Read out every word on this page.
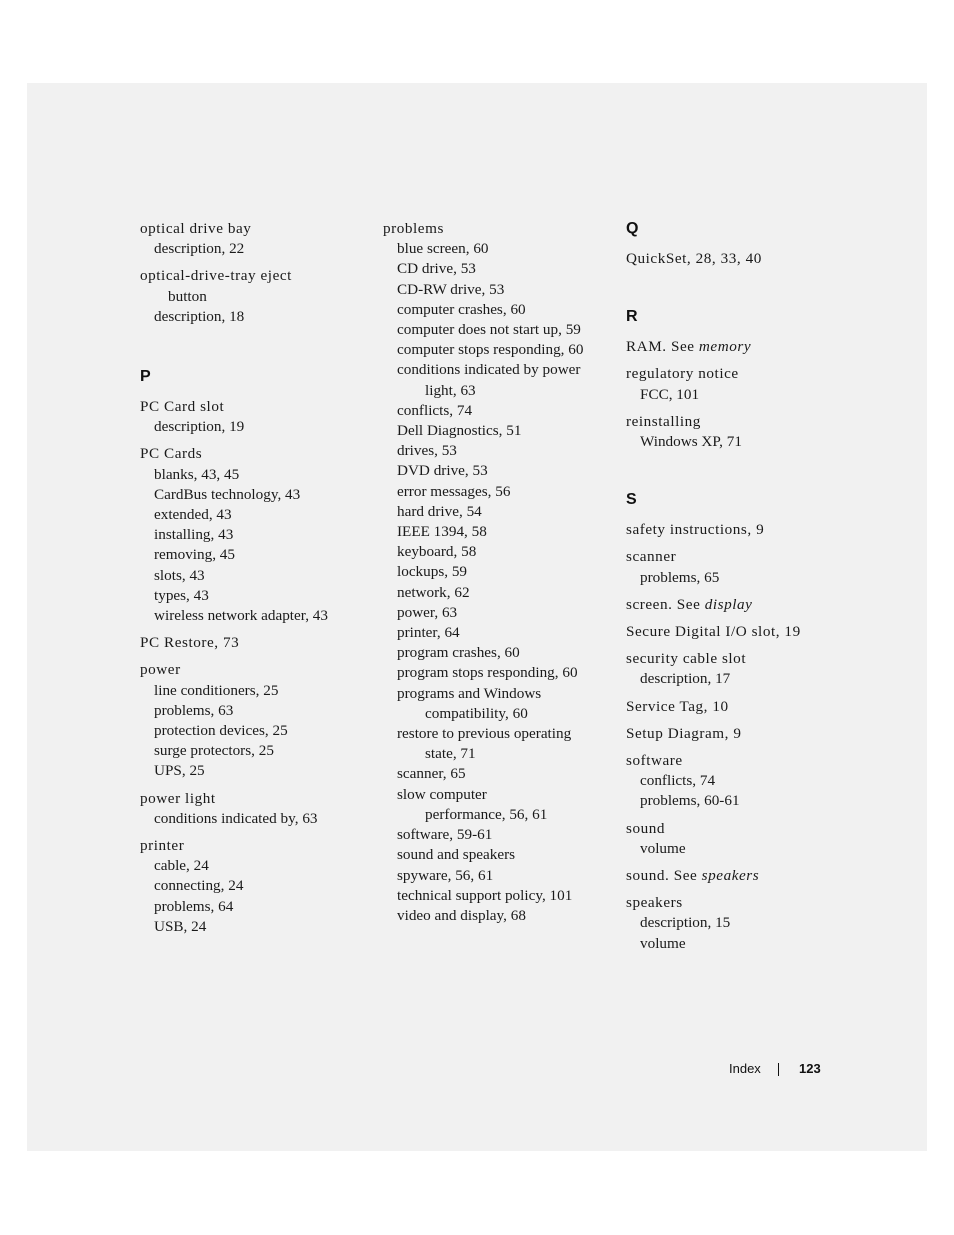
optical drive bay
description, 22
optical-drive-tray eject
button
description, 18
P
PC Card slot
description, 19
PC Cards
blanks, 43, 45
CardBus technology, 43
extended, 43
installing, 43
removing, 45
slots, 43
types, 43
wireless network adapter, 43
PC Restore, 73
power
line conditioners, 25
problems, 63
protection devices, 25
surge protectors, 25
UPS, 25
power light
conditions indicated by, 63
printer
cable, 24
connecting, 24
problems, 64
USB, 24
problems
blue screen, 60
CD drive, 53
CD-RW drive, 53
computer crashes, 60
computer does not start up, 59
computer stops responding, 60
conditions indicated by power
light, 63
conflicts, 74
Dell Diagnostics, 51
drives, 53
DVD drive, 53
error messages, 56
hard drive, 54
IEEE 1394, 58
keyboard, 58
lockups, 59
network, 62
power, 63
printer, 64
program crashes, 60
program stops responding, 60
programs and Windows
compatibility, 60
restore to previous operating
state, 71
scanner, 65
slow computer
performance, 56, 61
software, 59-61
sound and speakers
spyware, 56, 61
technical support policy, 101
video and display, 68
Q
QuickSet, 28, 33, 40
R
RAM. See memory
regulatory notice
FCC, 101
reinstalling
Windows XP, 71
S
safety instructions, 9
scanner
problems, 65
screen. See display
Secure Digital I/O slot, 19
security cable slot
description, 17
Service Tag, 10
Setup Diagram, 9
software
conflicts, 74
problems, 60-61
sound
volume
sound. See speakers
speakers
description, 15
volume
Index	123
